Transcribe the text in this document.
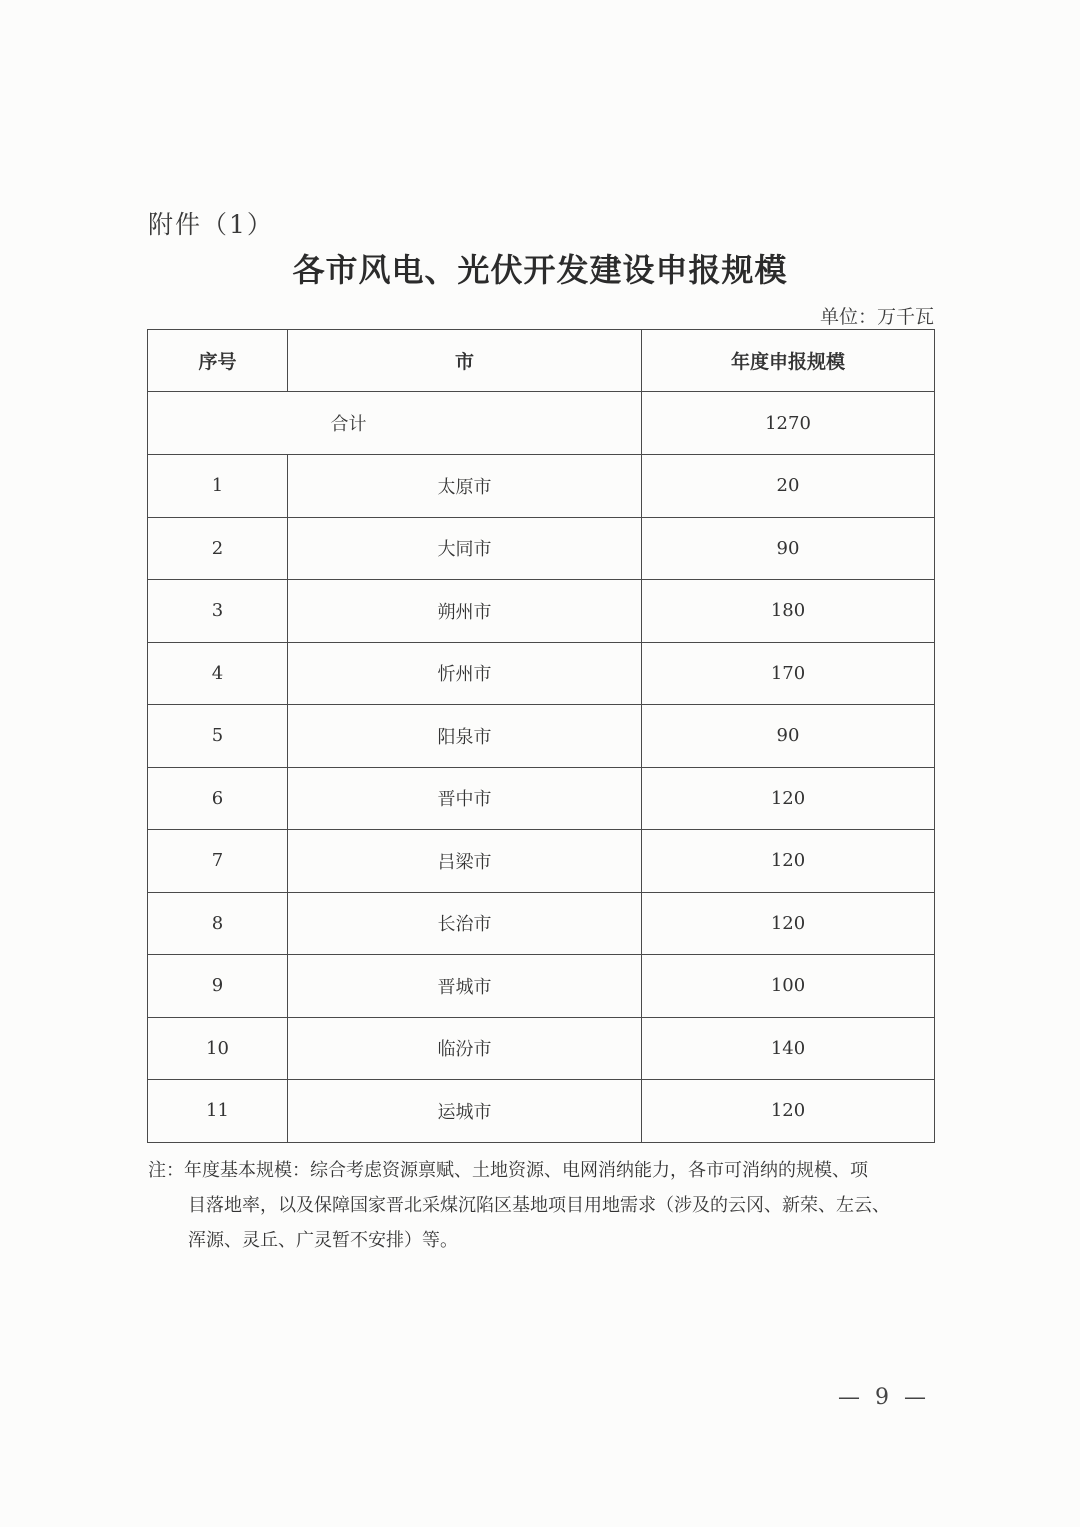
附件（1）
各市风电、光伏开发建设申报规模
单位：万千瓦
序号	市	年度申报规模
合计		1270
1	太原市	20
2	大同市	90
3	朔州市	180
4	忻州市	170
5	阳泉市	90
6	晋中市	120
7	吕梁市	120
8	长治市	120
9	晋城市	100
10	临汾市	140
11	运城市	120
注：年度基本规模：综合考虑资源禀赋、土地资源、电网消纳能力，各市可消纳的规模、项
目落地率，以及保障国家晋北采煤沉陷区基地项目用地需求（涉及的云冈、新荣、左云、
浑源、灵丘、广灵暂不安排）等。
— 9 —
